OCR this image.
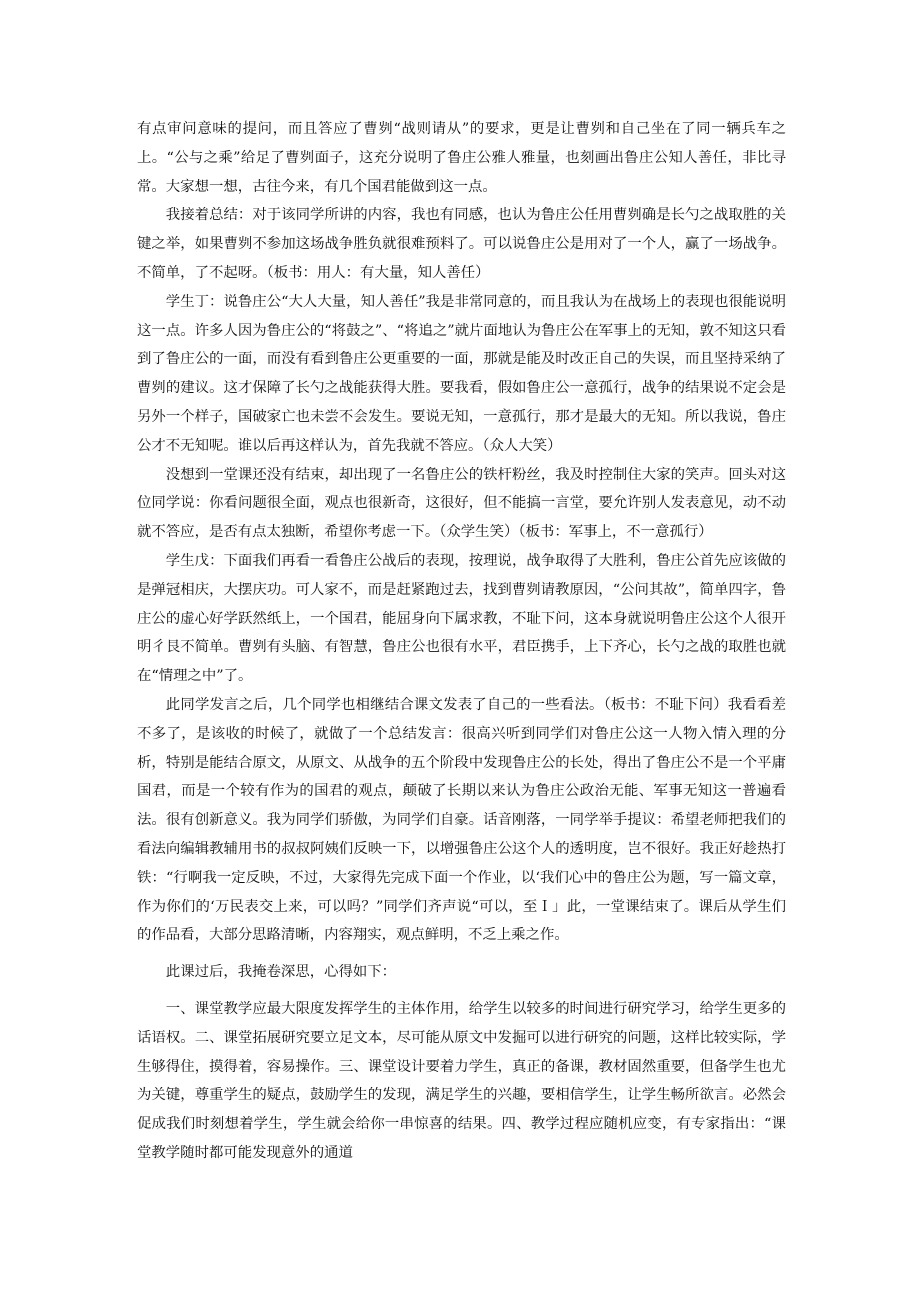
有点审问意味的提问，而且答应了曹刿“战则请从”的要求，更是让曹刿和自己坐在了同一辆兵车之上。“公与之乘”给足了曹刿面子，这充分说明了鲁庄公雅人雅量，也刻画出鲁庄公知人善任，非比寻常。大家想一想，古往今来，有几个国君能做到这一点。

我接着总结：对于该同学所讲的内容，我也有同感，也认为鲁庄公任用曹刿确是长勺之战取胜的关键之举，如果曹刿不参加这场战争胜负就很难预料了。可以说鲁庄公是用对了一个人，赢了一场战争。不简单，了不起呀。（板书：用人：有大量，知人善任）

学生丁：说鲁庄公“大人大量，知人善任”我是非常同意的，而且我认为在战场上的表现也很能说明这一点。许多人因为鲁庄公的“将鼓之”、“将追之”就片面地认为鲁庄公在军事上的无知，敦不知这只看到了鲁庄公的一面，而没有看到鲁庄公更重要的一面，那就是能及时改正自己的失误，而且坚持采纳了曹刿的建议。这才保障了长勺之战能获得大胜。要我看，假如鲁庄公一意孤行，战争的结果说不定会是另外一个样子，国破家亡也未尝不会发生。要说无知，一意孤行，那才是最大的无知。所以我说，鲁庄公才不无知呢。谁以后再这样认为，首先我就不答应。（众人大笑）

没想到一堂课还没有结束，却出现了一名鲁庄公的铁杆粉丝，我及时控制住大家的笑声。回头对这位同学说：你看问题很全面，观点也很新奇，这很好，但不能搞一言堂，要允许别人发表意见，动不动就不答应，是否有点太独断，希望你考虑一下。（众学生笑）（板书：军事上，不一意孤行）

学生戊：下面我们再看一看鲁庄公战后的表现，按理说，战争取得了大胜利，鲁庄公首先应该做的是弹冠相庆，大摆庆功。可人家不，而是赶紧跑过去，找到曹刿请教原因，“公问其故”，简单四字，鲁庄公的虚心好学跃然纸上，一个国君，能屈身向下属求教，不耻下问，这本身就说明鲁庄公这个人很开明彳艮不简单。曹刿有头脑、有智慧，鲁庄公也很有水平，君臣携手，上下齐心，长勺之战的取胜也就在“情理之中”了。

此同学发言之后，几个同学也相继结合课文发表了自己的一些看法。（板书：不耻下问）我看看差不多了，是该收的时候了，就做了一个总结发言：很高兴听到同学们对鲁庄公这一人物入情入理的分析，特别是能结合原文，从原文、从战争的五个阶段中发现鲁庄公的长处，得出了鲁庄公不是一个平庸国君，而是一个较有作为的国君的观点，颠破了长期以来认为鲁庄公政治无能、军事无知这一普遍看法。很有创新意义。我为同学们骄傲，为同学们自豪。话音刚落，一同学举手提议：希望老师把我们的看法向编辑教辅用书的叔叔阿姨们反映一下，以增强鲁庄公这个人的透明度，岂不很好。我正好趁热打铁：“行啊我一定反映，不过，大家得先完成下面一个作业，以‘我们心中的鲁庄公为题，写一篇文章，作为你们的‘万民表交上来，可以吗？”同学们齐声说“可以，至Ｉ」此，一堂课结束了。课后从学生们的作品看，大部分思路清晰，内容翔实，观点鲜明，不乏上乘之作。

此课过后，我掩卷深思，心得如下：

一、课堂教学应最大限度发挥学生的主体作用，给学生以较多的时间进行研究学习，给学生更多的话语权。二、课堂拓展研究要立足文本，尽可能从原文中发掘可以进行研究的问题，这样比较实际，学生够得住，摸得着，容易操作。三、课堂设计要着力学生，真正的备课，教材固然重要，但备学生也尤为关键，尊重学生的疑点，鼓励学生的发现，满足学生的兴趣，要相信学生，让学生畅所欲言。必然会促成我们时刻想着学生，学生就会给你一串惊喜的结果。四、教学过程应随机应变，有专家指出：“课堂教学随时都可能发现意外的通道
